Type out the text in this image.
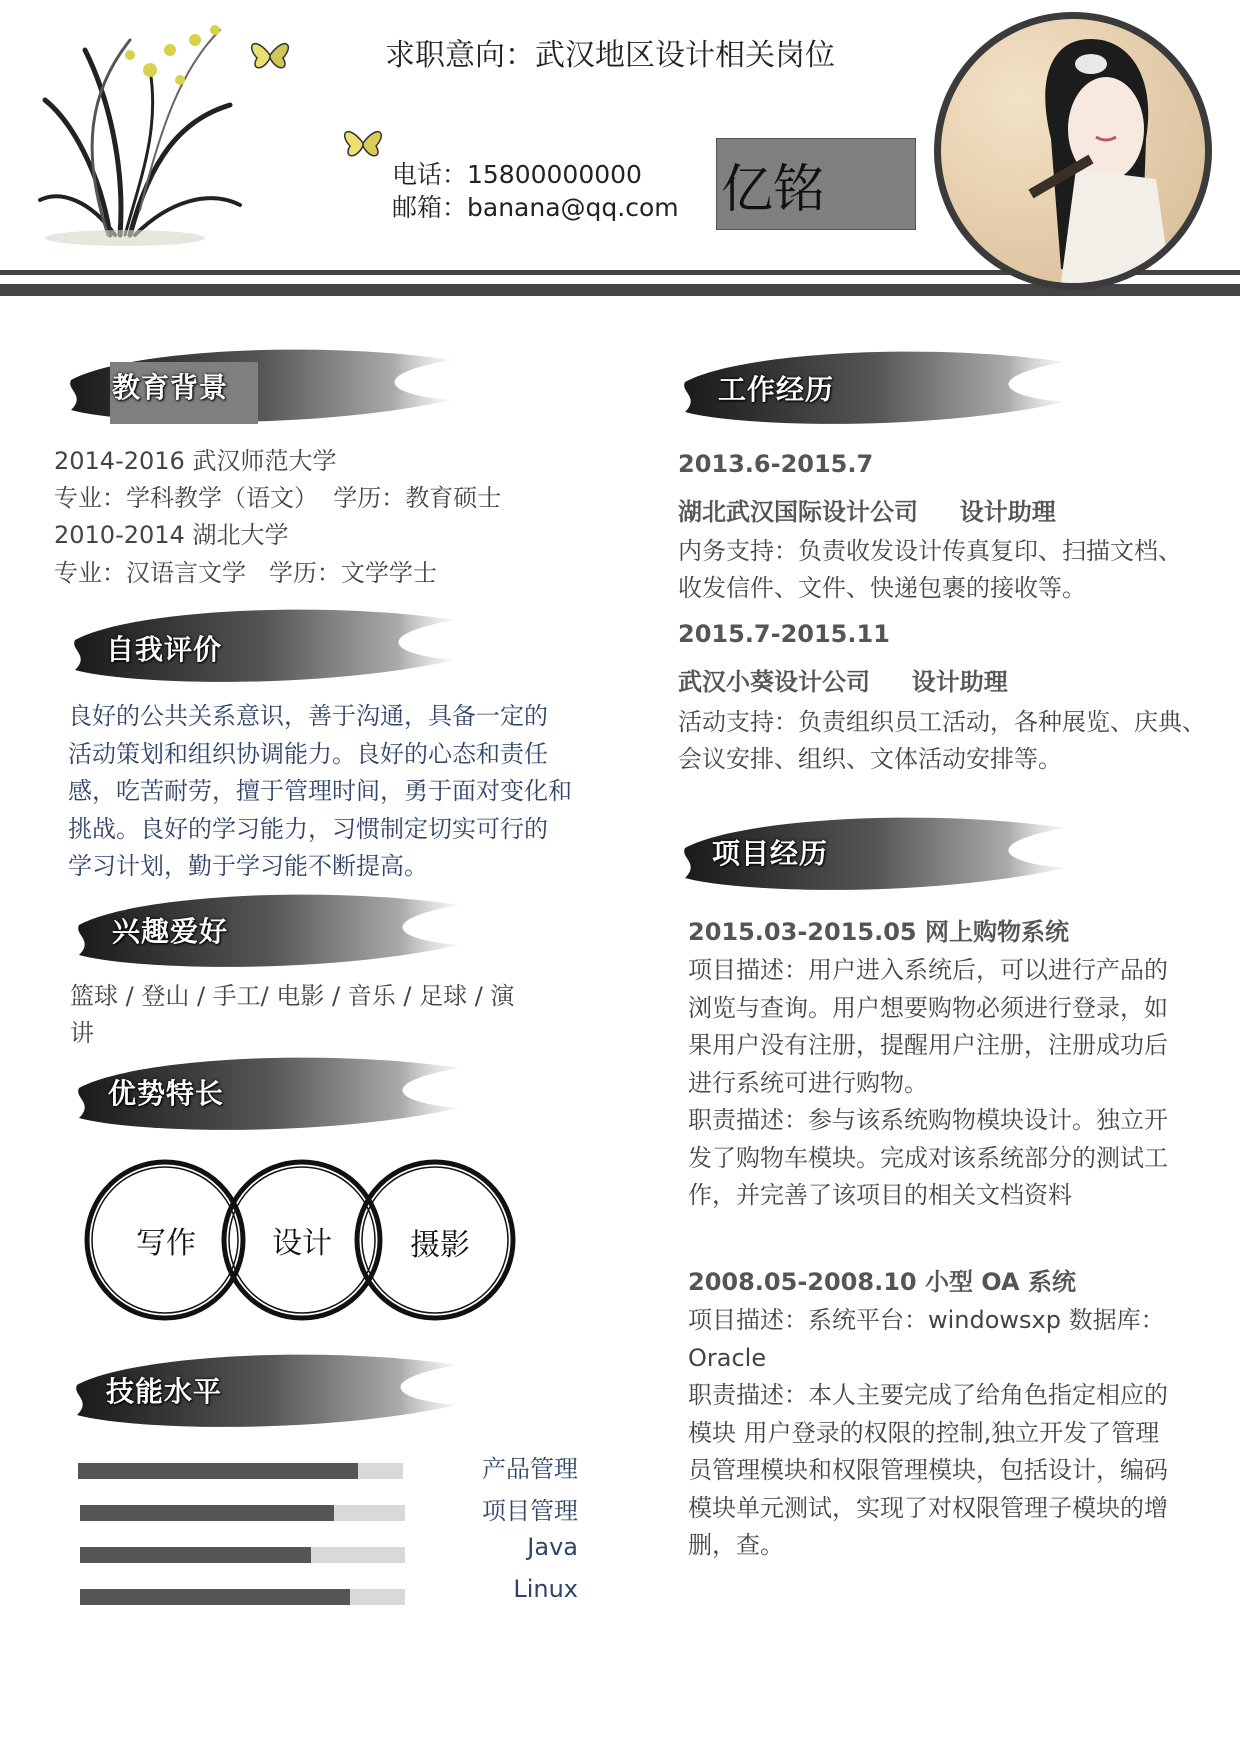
求职意向：武汉地区设计相关岗位
电话：15800000000
邮箱：banana@qq.com 亿铭
教育背景
2014-2016 武汉师范大学
专业：学科教学（语文）  学历：教育硕士
2010-2014 湖北大学
专业：汉语言文学   学历：文学学士
自我评价
良好的公共关系意识，善于沟通，具备一定的
活动策划和组织协调能力。良好的心态和责任
感，吃苦耐劳，擅于管理时间，勇于面对变化和
挑战。良好的学习能力，习惯制定切实可行的
学习计划，勤于学习能不断提高。
兴趣爱好
篮球 / 登山 / 手工/ 电影 / 音乐 / 足球 / 演
讲
优势特长
写作	设计	摄影
技能水平
产品管理
项目管理
Java
Linux
工作经历
2013.6-2015.7
湖北武汉国际设计公司     设计助理
内务支持：负责收发设计传真复印、扫描文档、
收发信件、文件、快递包裹的接收等。
2015.7-2015.11
武汉小葵设计公司     设计助理
活动支持：负责组织员工活动，各种展览、庆典、
会议安排、组织、文体活动安排等。
项目经历
2015.03-2015.05 网上购物系统
项目描述：用户进入系统后，可以进行产品的
浏览与查询。用户想要购物必须进行登录，如
果用户没有注册，提醒用户注册，注册成功后
进行系统可进行购物。
职责描述：参与该系统购物模块设计。独立开
发了购物车模块。完成对该系统部分的测试工
作，并完善了该项目的相关文档资料
2008.05-2008.10 小型 OA 系统
项目描述：系统平台：windowsxp 数据库：
Oracle
职责描述：本人主要完成了给角色指定相应的
模块 用户登录的权限的控制,独立开发了管理
员管理模块和权限管理模块，包括设计，编码
模块单元测试，实现了对权限管理子模块的增
删，查。
